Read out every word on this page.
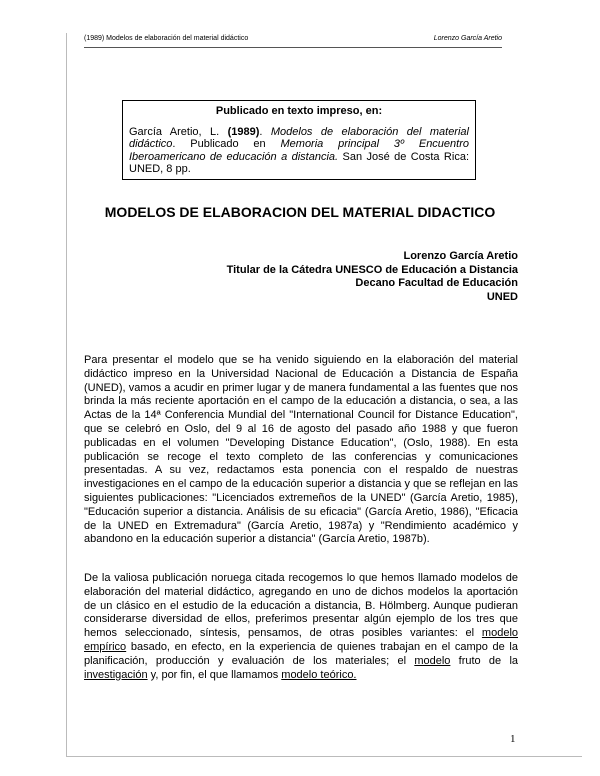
(1989) Modelos de elaboración del material didáctico	Lorenzo García Aretio
Publicado en texto impreso, en:
García Aretio, L. (1989). Modelos de elaboración del material didáctico. Publicado en Memoria principal 3º Encuentro Iberoamericano de educación a distancia. San José de Costa Rica: UNED, 8 pp.
MODELOS DE ELABORACION DEL MATERIAL DIDACTICO
Lorenzo García Aretio
Titular de la Cátedra UNESCO de Educación a Distancia
Decano Facultad de Educación
UNED
Para presentar el modelo que se ha venido siguiendo en la elaboración del material didáctico impreso en la Universidad Nacional de Educación a Distancia de España (UNED), vamos a acudir en primer lugar y de manera fundamental a las fuentes que nos brinda la más reciente aportación en el campo de la educación a distancia, o sea, a las Actas de la 14ª Conferencia Mundial del "International Council for Distance Education", que se celebró en Oslo, del 9 al 16 de agosto del pasado año 1988 y que fueron publicadas en el volumen "Developing Distance Education", (Oslo, 1988). En esta publicación se recoge el texto completo de las conferencias y comunicaciones presentadas. A su vez, redactamos esta ponencia con el respaldo de nuestras investigaciones en el campo de la educación superior a distancia y que se reflejan en las siguientes publicaciones: "Licenciados extremeños de la UNED" (García Aretio, 1985), "Educación superior a distancia. Análisis de su eficacia" (García Aretio, 1986), "Eficacia de la UNED en Extremadura" (García Aretio, 1987a) y "Rendimiento académico y abandono en la educación superior a distancia" (García Aretio, 1987b).
De la valiosa publicación noruega citada recogemos lo que hemos llamado modelos de elaboración del material didáctico, agregando en uno de dichos modelos la aportación de un clásico en el estudio de la educación a distancia, B. Hölmberg. Aunque pudieran considerarse diversidad de ellos, preferimos presentar algún ejemplo de los tres que hemos seleccionado, síntesis, pensamos, de otras posibles variantes: el modelo empírico basado, en efecto, en la experiencia de quienes trabajan en el campo de la planificación, producción y evaluación de los materiales; el modelo fruto de la investigación y, por fin, el que llamamos modelo teórico.
1
